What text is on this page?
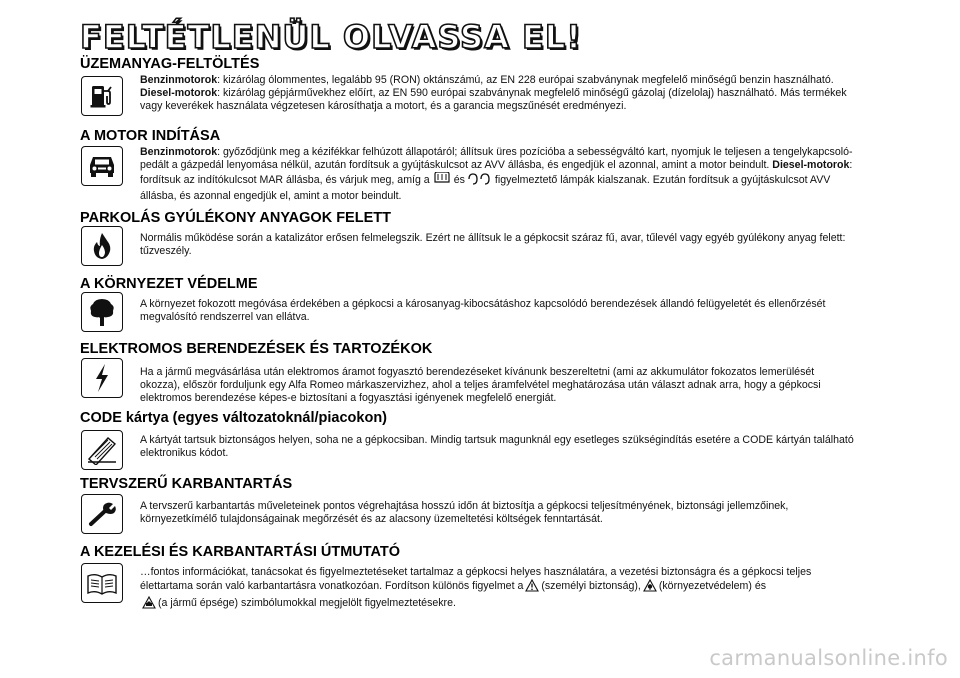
FELTÉTLENÜL OLVASSA EL!
ÜZEMANYAG-FELTÖLTÉS

Benzinmotorok: kizárólag ólommentes, legalább 95 (RON) oktánszámú, az EN 228 európai szabványnak megfelelő minőségű benzin használható. Diesel-motorok: kizárólag gépjárművekhez előírt, az EN 590 európai szabványnak megfelelő minőségű gázolaj (dízelolaj) használható. Más termékek vagy keverékek használata végzetesen károsíthatja a motort, és a garancia megszűnését eredményezi.

A MOTOR INDÍTÁSA

Benzinmotorok: győződjünk meg a kézifékkar felhúzott állapotáról; állítsuk üres pozícióba a sebességváltó kart, nyomjuk le teljesen a tengelykapcsoló-pedált a gázpedál lenyomása nélkül, azután fordítsuk a gyújtáskulcsot az AVV állásba, és engedjük el azonnal, amint a motor beindult. Diesel-motorok: fordítsuk az indítókulcsot MAR állásba, és várjuk meg, amíg a és	figyelmeztető lámpák kialszanak. Ezután fordítsuk a gyújtáskulcsot AVV állásba, és azonnal engedjük el, amint a motor beindult.

PARKOLÁS GYÚLÉKONY ANYAGOK FELETT

Normális működése során a katalizátor erősen felmelegszik. Ezért ne állítsuk le a gépkocsit száraz fű, avar, tűlevél vagy egyéb gyúlékony anyag felett: tűzveszély.

A KÖRNYEZET VÉDELME

A környezet fokozott megóvása érdekében a gépkocsi a károsanyag-kibocsátáshoz kapcsolódó berendezések állandó felügyeletét és ellenőrzését megvalósító rendszerrel van ellátva.

ELEKTROMOS BERENDEZÉSEK ÉS TARTOZÉKOK

Ha a jármű megvásárlása után elektromos áramot fogyasztó berendezéseket kívánunk beszereltetni (ami az akkumulátor fokozatos lemerülését okozza), először forduljunk egy Alfa Romeo márkaszervizhez, ahol a teljes áramfelvétel meghatározása után választ adnak arra, hogy a gépkocsi elektromos berendezése képes-e biztosítani a fogyasztási igényenek megfelelő energiát.

CODE kártya (egyes változatoknál/piacokon)

A kártyát tartsuk biztonságos helyen, soha ne a gépkocsiban. Mindig tartsuk magunknál egy esetleges szükségindítás esetére a CODE kártyán található elektronikus kódot.

TERVSZERŰ KARBANTARTÁS

A tervszerű karbantartás műveleteinek pontos végrehajtása hosszú időn át biztosítja a gépkocsi teljesítményének, biztonsági jellemzőinek, környezetkímélő tulajdonságainak megőrzését és az alacsony üzemeltetési költségek fenntartását.

A KEZELÉSI ÉS KARBANTARTÁSI ÚTMUTATÓ

…fontos információkat, tanácsokat és figyelmeztetéseket tartalmaz a gépkocsi helyes használatára, a vezetési biztonságra és a gépkocsi teljes élettartama során való karbantartásra vonatkozóan. Fordítson különös figyelmet a (személyi biztonság), (környezetvédelem) és
(a jármű épsége) szimbólumokkal megjelölt figyelmeztetésekre.

carmanualsonline.info
